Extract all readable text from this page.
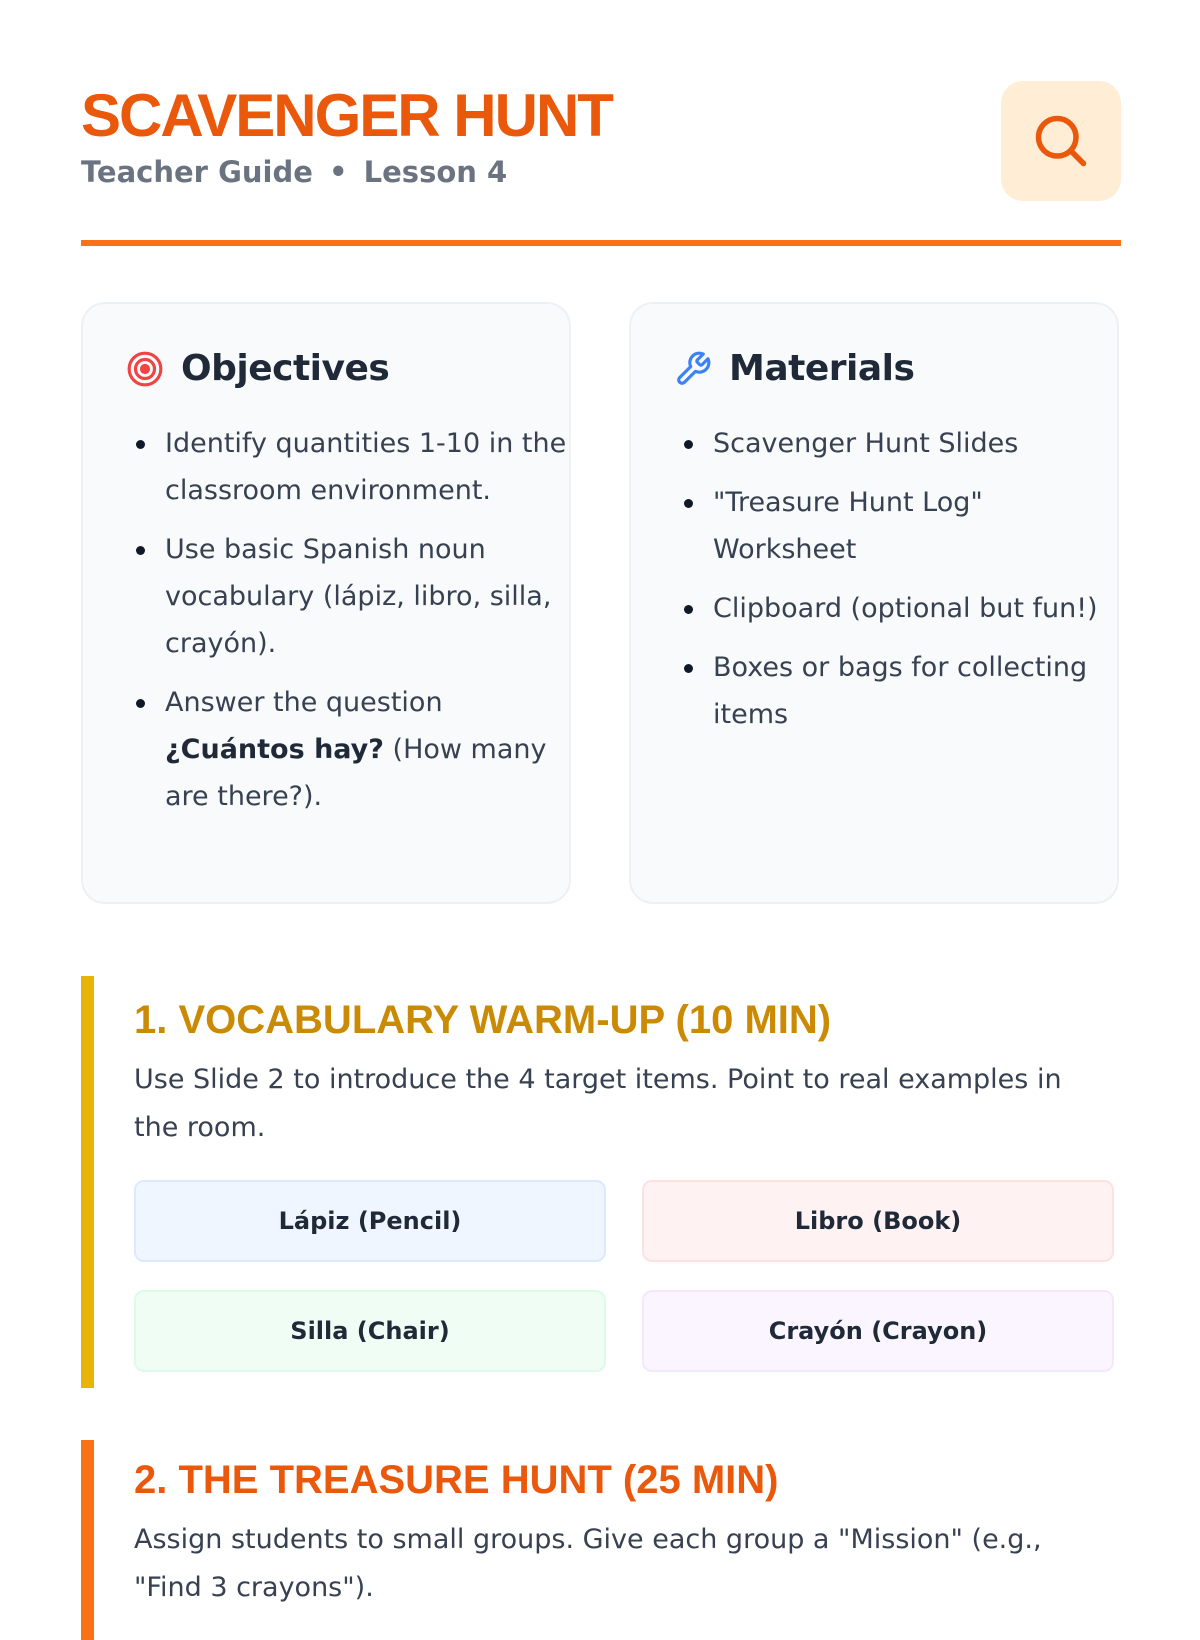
SCAVENGER HUNT
Teacher Guide • Lesson 4
Objectives
Identify quantities 1-10 in the classroom environment.
Use basic Spanish noun vocabulary (lápiz, libro, silla, crayón).
Answer the question ¿Cuántos hay? (How many are there?).
Materials
Scavenger Hunt Slides
"Treasure Hunt Log" Worksheet
Clipboard (optional but fun!)
Boxes or bags for collecting items
1. VOCABULARY WARM-UP (10 MIN)

Use Slide 2 to introduce the 4 target items. Point to real examples in the room.

Lápiz (Pencil)	Libro (Book)
Silla (Chair)	Crayón (Crayon)
2. THE TREASURE HUNT (25 MIN)

Assign students to small groups. Give each group a "Mission" (e.g., "Find 3 crayons").
